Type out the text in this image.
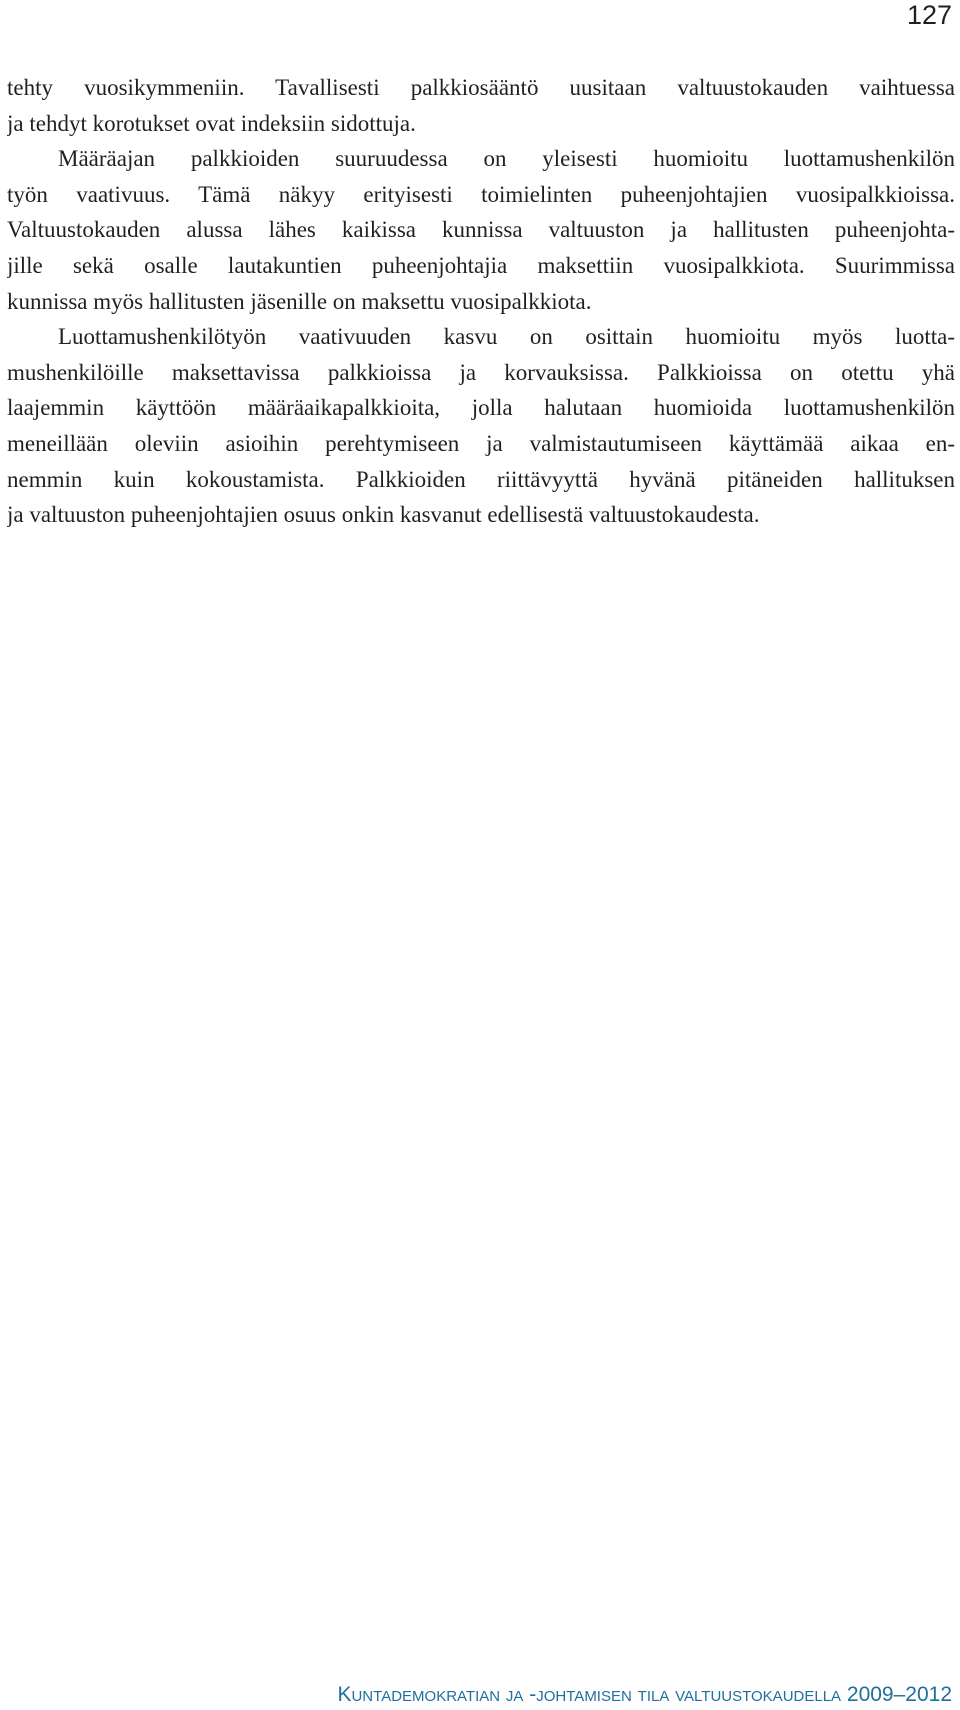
127
tehty vuosikymmeniin. Tavallisesti palkkiosääntö uusitaan valtuustokauden vaihtuessa
ja tehdyt korotukset ovat indeksiin sidottuja.
Määräajan palkkioiden suuruudessa on yleisesti huomioitu luottamushenkilön
työn vaativuus. Tämä näkyy erityisesti toimielinten puheenjohtajien vuosipalkkioissa.
Valtuustokauden alussa lähes kaikissa kunnissa valtuuston ja hallitusten puheenjohta-
jille sekä osalle lautakuntien puheenjohtajia maksettiin vuosipalkkiota. Suurimmissa
kunnissa myös hallitusten jäsenille on maksettu vuosipalkkiota.
Luottamushenkilötyön vaativuuden kasvu on osittain huomioitu myös luotta-
mushenkilöille maksettavissa palkkioissa ja korvauksissa. Palkkioissa on otettu yhä
laajemmin käyttöön määräaikapalkkioita, jolla halutaan huomioida luottamushenkilön
meneillään oleviin asioihin perehtymiseen ja valmistautumiseen käyttämää aikaa en-
nemmin kuin kokoustamista. Palkkioiden riittävyyttä hyvänä pitäneiden hallituksen
ja valtuuston puheenjohtajien osuus onkin kasvanut edellisestä valtuustokaudesta.
Kuntademokratian ja -johtamisen tila valtuustokaudella 2009–2012
